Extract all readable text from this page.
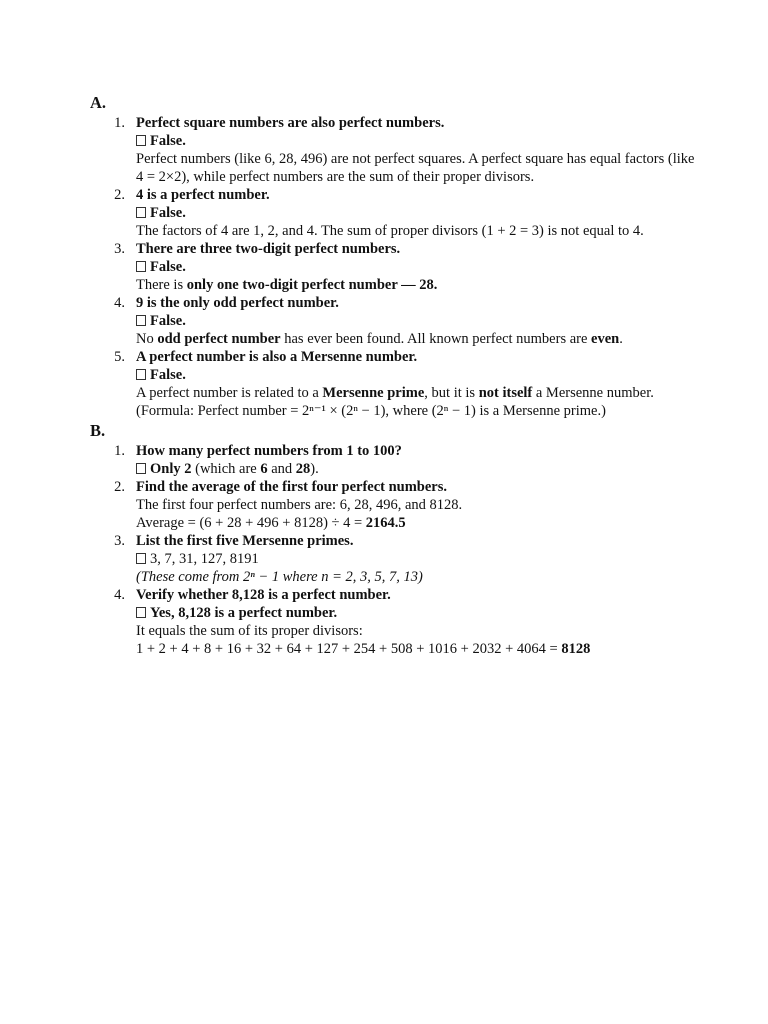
A.
1. Perfect square numbers are also perfect numbers.
False.
Perfect numbers (like 6, 28, 496) are not perfect squares. A perfect square has equal factors (like 4 = 2×2), while perfect numbers are the sum of their proper divisors.
2. 4 is a perfect number.
False.
The factors of 4 are 1, 2, and 4. The sum of proper divisors (1 + 2 = 3) is not equal to 4.
3. There are three two-digit perfect numbers.
False.
There is only one two-digit perfect number — 28.
4. 9 is the only odd perfect number.
False.
No odd perfect number has ever been found. All known perfect numbers are even.
5. A perfect number is also a Mersenne number.
False.
A perfect number is related to a Mersenne prime, but it is not itself a Mersenne number.
(Formula: Perfect number = 2ⁿ⁻¹ × (2ⁿ − 1), where (2ⁿ − 1) is a Mersenne prime.)
B.
1. How many perfect numbers from 1 to 100?
Only 2 (which are 6 and 28).
2. Find the average of the first four perfect numbers.
The first four perfect numbers are: 6, 28, 496, and 8128.
Average = (6 + 28 + 496 + 8128) ÷ 4 = 2164.5
3. List the first five Mersenne primes.
3, 7, 31, 127, 8191
(These come from 2ⁿ − 1 where n = 2, 3, 5, 7, 13)
4. Verify whether 8,128 is a perfect number.
Yes, 8,128 is a perfect number.
It equals the sum of its proper divisors:
1 + 2 + 4 + 8 + 16 + 32 + 64 + 127 + 254 + 508 + 1016 + 2032 + 4064 = 8128
